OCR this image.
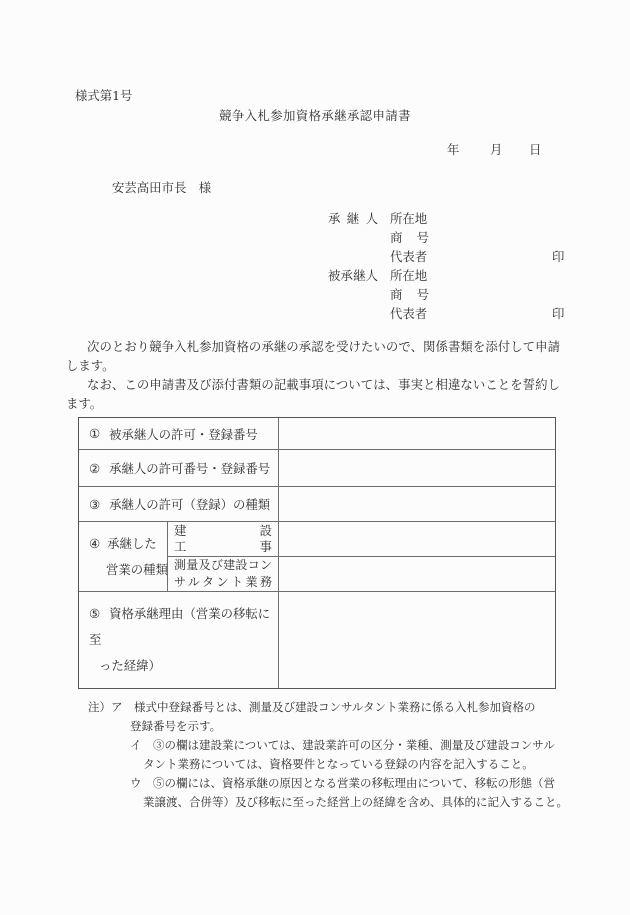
様式第1号
競争入札参加資格承継承認申請書
年 月 日
安芸高田市長　様
承継人 所在地
商号
代表者	印
被承継人 所在地
商号
代表者	印

次のとおり競争入札参加資格の承継の承認を受けたいので、関係書類を添付して申請します。

なお、この申請書及び添付書類の記載事項については、事実と相違ないことを誓約します。

① 被承継人の許可・登録番号
② 承継人の許可番号・登録番号
③ 承継人の許可（登録）の種類
建設
工事
測量及び建設コン
サルタント業務
④ 承継した
営業の種類
⑤ 資格承継理由（営業の移転に至
った経緯）
注）ア　様式中登録番号とは、測量及び建設コンサルタント業務に係る入札参加資格の
登録番号を示す。
イ　③の欄は建設業については、建設業許可の区分・業種、測量及び建設コンサル
タント業務については、資格要件となっている登録の内容を記入すること。
ウ　⑤の欄には、資格承継の原因となる営業の移転理由について、移転の形態（営
業譲渡、合併等）及び移転に至った経営上の経緯を含め、具体的に記入すること。
